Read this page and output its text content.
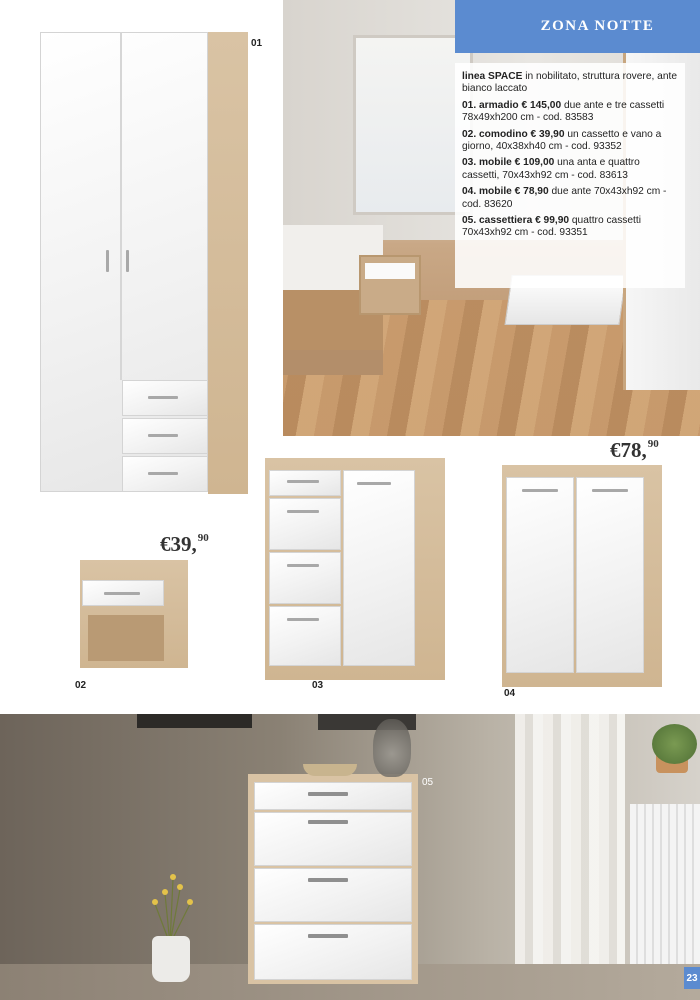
ZONA NOTTE

linea SPACE in nobilitato, struttura rovere, ante bianco laccato

01. armadio € 145,00 due ante e tre cassetti 78x49xh200 cm - cod. 83583

02. comodino € 39,90 un cassetto e vano a giorno, 40x38xh40 cm - cod. 93352

03. mobile € 109,00 una anta e quattro cassetti, 70x43xh92 cm - cod. 83613

04. mobile € 78,90 due ante 70x43xh92 cm - cod. 83620

05. cassettiera € 99,90 quattro cassetti 70x43xh92 cm - cod. 93351

01
02
€39,90
03
04
€78,90
05
23
